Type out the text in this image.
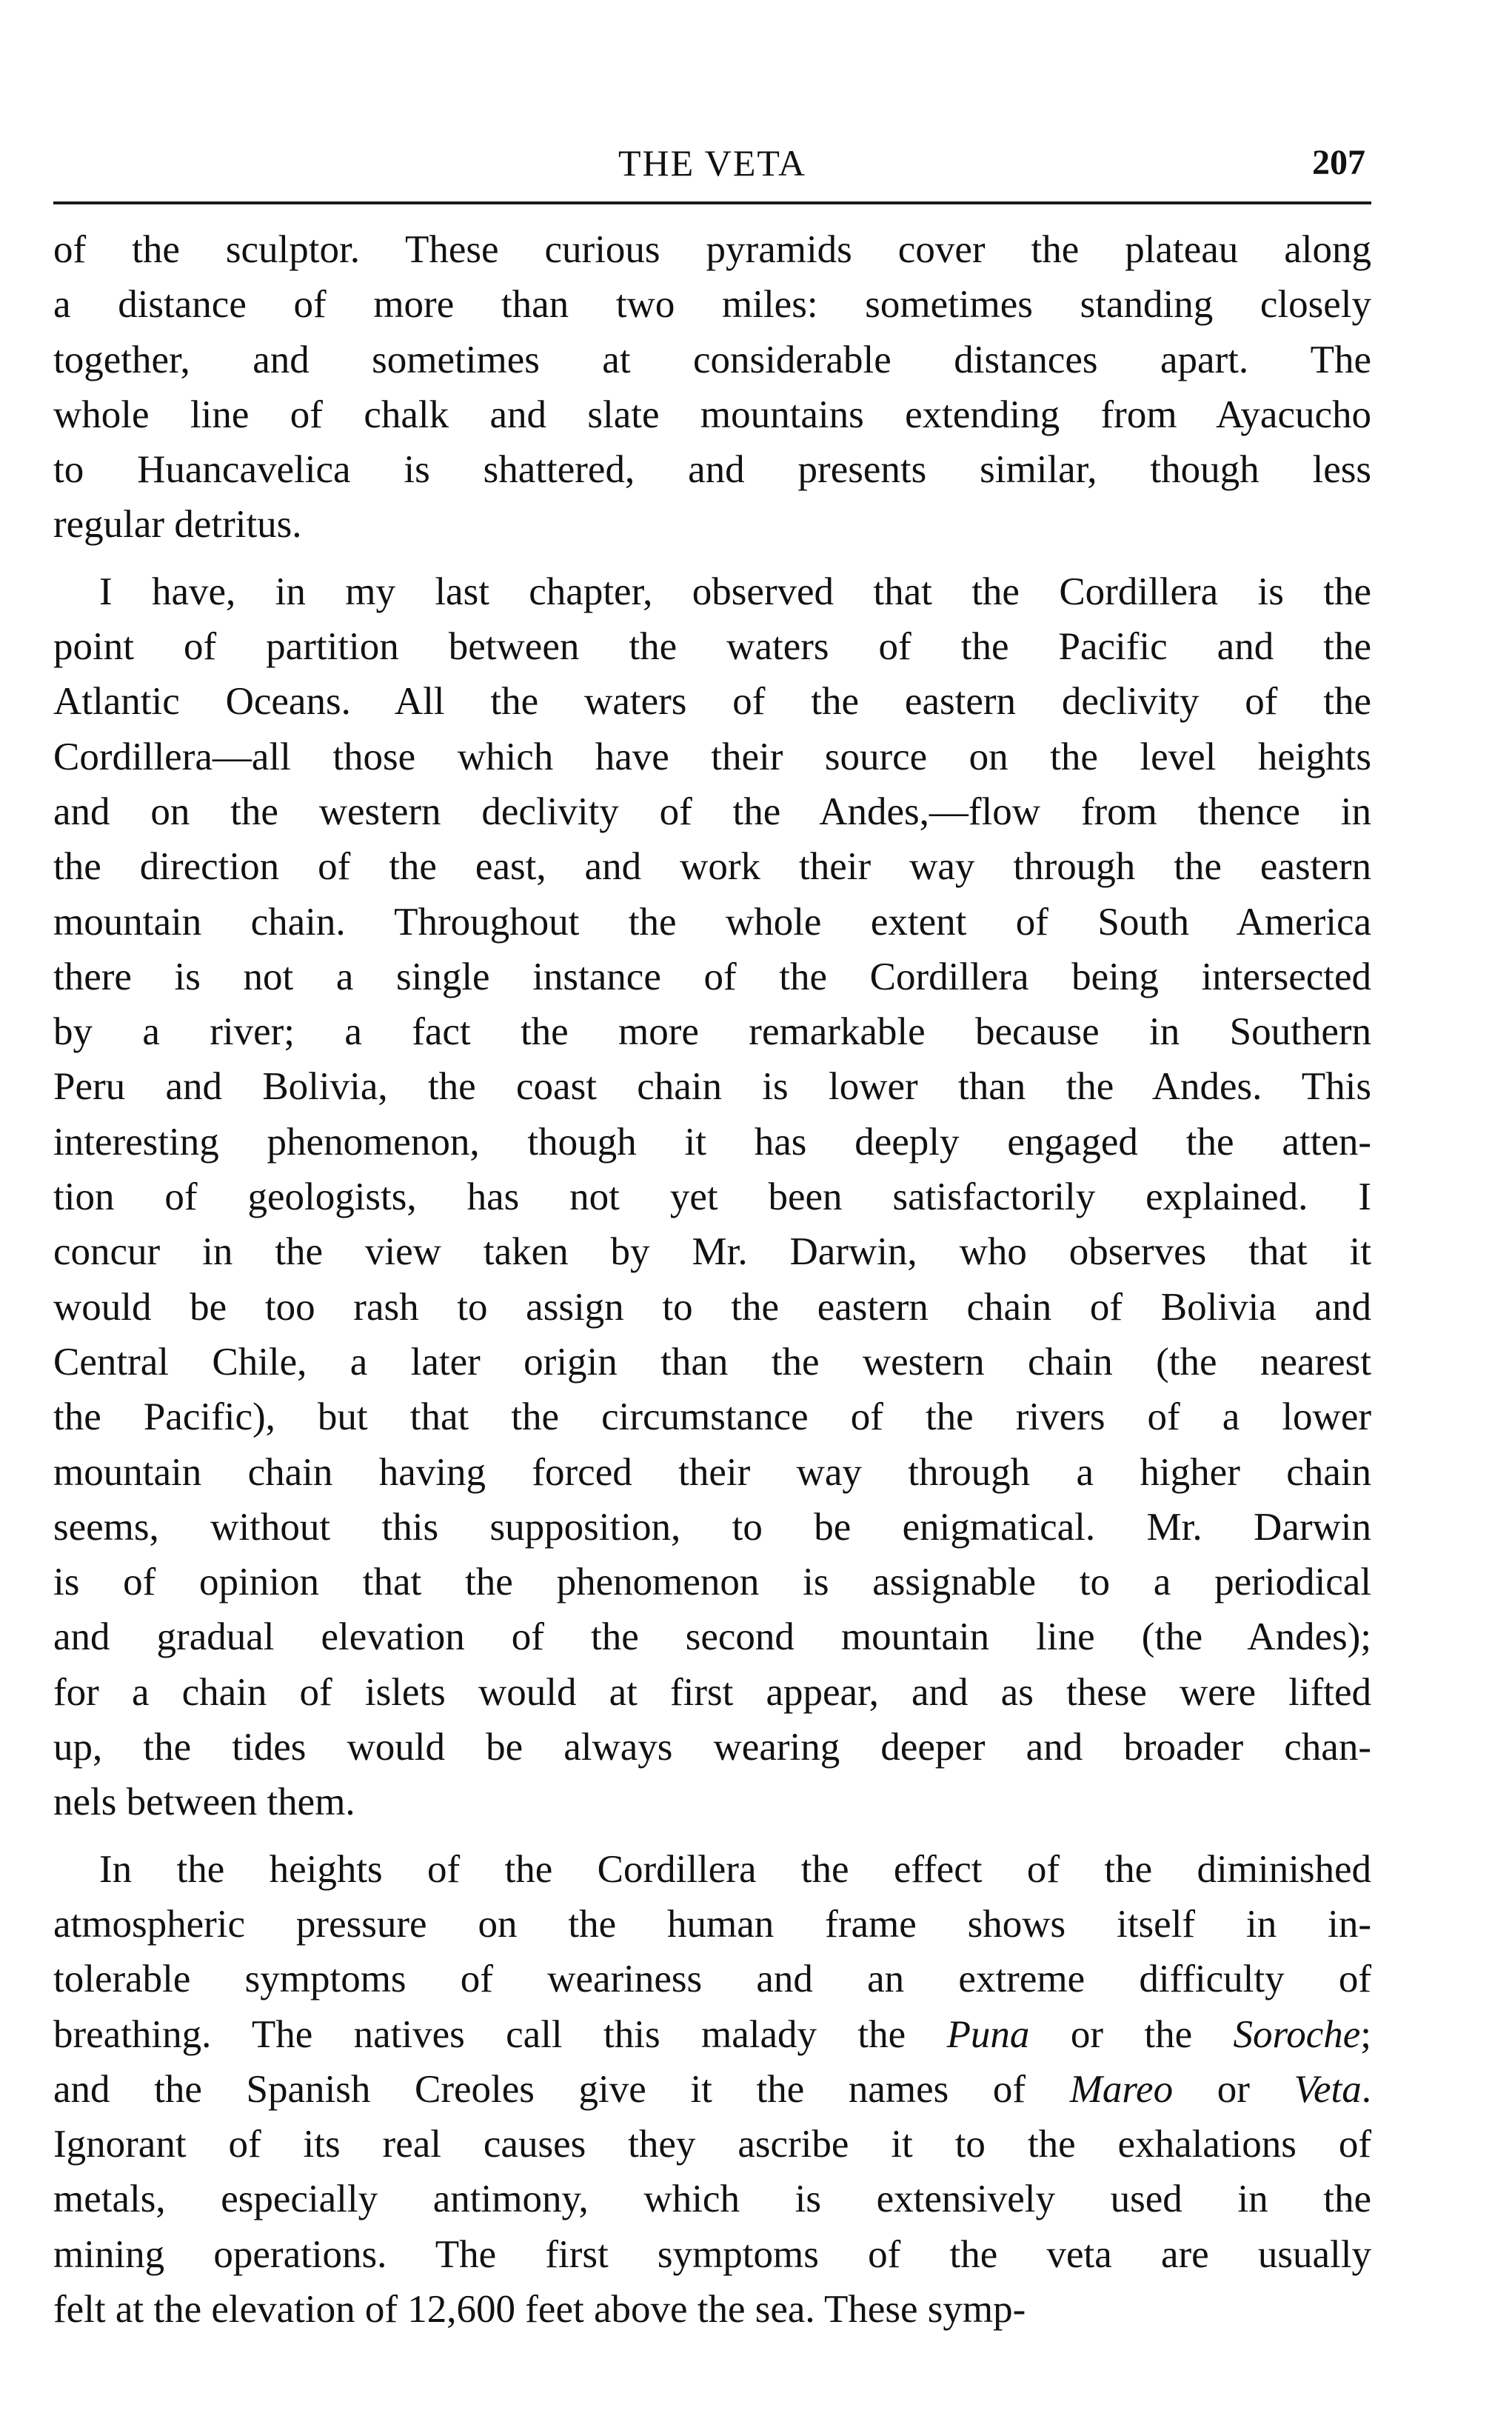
THE VETA	207
of the sculptor. These curious pyramids cover the plateau along
a distance of more than two miles: sometimes standing closely
together, and sometimes at considerable distances apart. The
whole line of chalk and slate mountains extending from Ayacucho
to Huancavelica is shattered, and presents similar, though less
regular detritus.
I have, in my last chapter, observed that the Cordillera is the
point of partition between the waters of the Pacific and the
Atlantic Oceans. All the waters of the eastern declivity of the
Cordillera—all those which have their source on the level heights
and on the western declivity of the Andes,—flow from thence in
the direction of the east, and work their way through the eastern
mountain chain. Throughout the whole extent of South America
there is not a single instance of the Cordillera being intersected
by a river; a fact the more remarkable because in Southern
Peru and Bolivia, the coast chain is lower than the Andes. This
interesting phenomenon, though it has deeply engaged the atten-
tion of geologists, has not yet been satisfactorily explained. I
concur in the view taken by Mr. Darwin, who observes that it
would be too rash to assign to the eastern chain of Bolivia and
Central Chile, a later origin than the western chain (the nearest
the Pacific), but that the circumstance of the rivers of a lower
mountain chain having forced their way through a higher chain
seems, without this supposition, to be enigmatical. Mr. Darwin
is of opinion that the phenomenon is assignable to a periodical
and gradual elevation of the second mountain line (the Andes);
for a chain of islets would at first appear, and as these were lifted
up, the tides would be always wearing deeper and broader chan-
nels between them.
In the heights of the Cordillera the effect of the diminished
atmospheric pressure on the human frame shows itself in in-
tolerable symptoms of weariness and an extreme difficulty of
breathing. The natives call this malady the Puna or the Soroche;
and the Spanish Creoles give it the names of Mareo or Veta.
Ignorant of its real causes they ascribe it to the exhalations of
metals, especially antimony, which is extensively used in the
mining operations. The first symptoms of the veta are usually
felt at the elevation of 12,600 feet above the sea. These symp-
